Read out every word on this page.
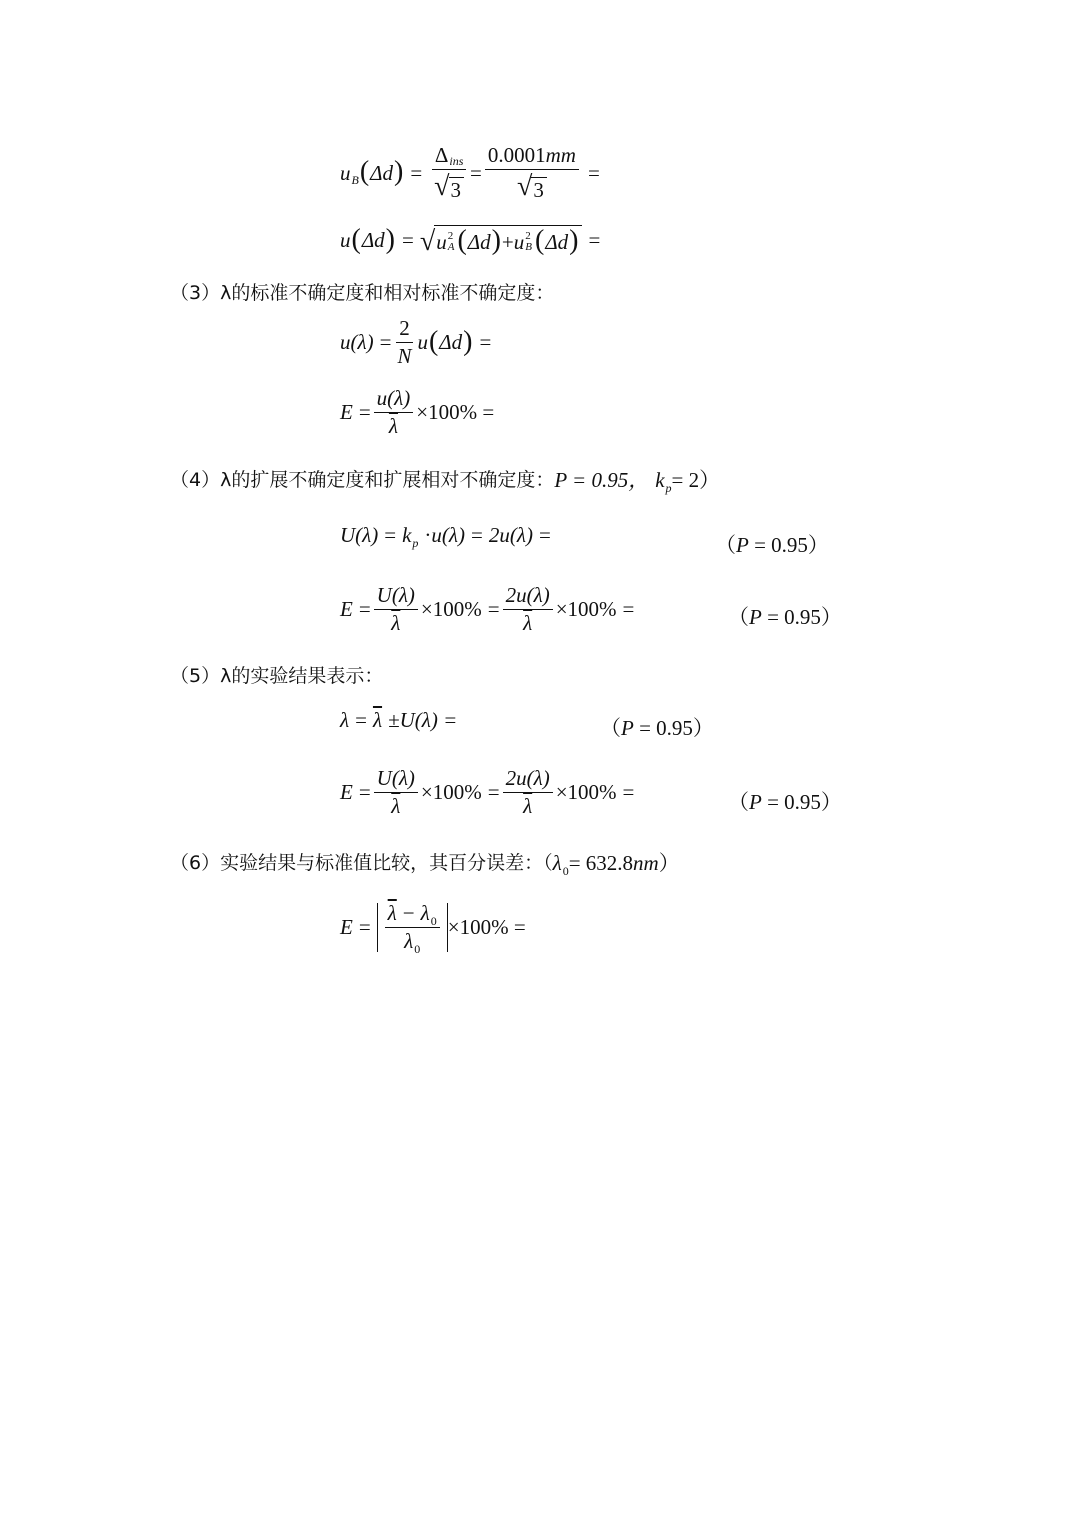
u B ( Δd ) = $\frac{\text{Δ ins}}{√ 3} = \frac{0.0001 mm}{√ 3}$ =
u ( Δd ) = √ u 2
A ( Δd ) + u 2
B ( Δd ) =
（3）λ的标准不确定度和相对标准不确定度：
$u(\lambda) = \frac{2}{N}$ u ( Δd ) =
$E = \frac{u(\lambda)}{\lambda} \times 100\%$ =
（4）λ的扩展不确定度和扩展相对不确定度： P = 0.95， k p = 2）
U(λ) = k p · u(λ) = 2u(λ) =	（P = 0.95）
$E = \frac{U(\lambda)}{\lambda} \times 100\% = \frac{2u(\lambda)}{\lambda} \times 100\%$ =	（P = 0.95）
（5）λ的实验结果表示：
$\lambda = \overline{\lambda} \pm U(\lambda)$ =	（P = 0.95）
$E = \frac{U(\lambda)}{\lambda} \times 100\% = \frac{2u(\lambda)}{\lambda} \times 100\%$ =	（P = 0.95）
（6）实验结果与标准值比较，其百分误差：（ λ 0 = 632.8 nm ）
$E = \frac{\overline{\lambda} - \lambda 0}{\lambda 0} \times 100\%$ =
